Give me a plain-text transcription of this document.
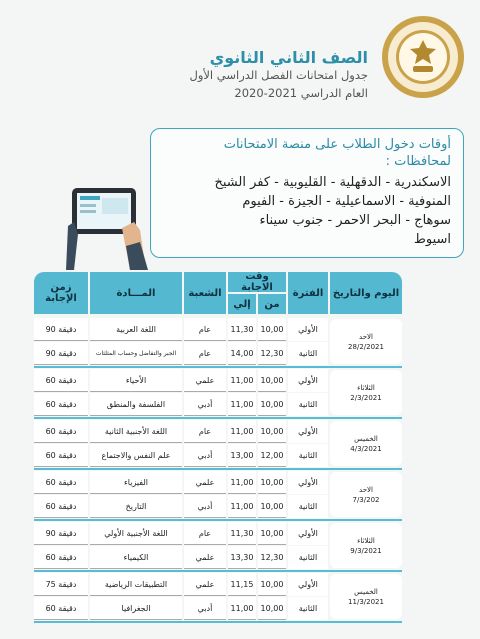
الصف الثاني الثانوي
جدول امتحانات الفصل الدراسي الأول
العام الدراسي 2021-2020
أوقات دخول الطلاب على منصة الامتحانات
لمحافظات :
الاسكندرية - الدقهلية - القليوبية - كفر الشيخ
المنوفية - الاسماعيلية - الجيزة - الفيوم
سوهاج - البحر الاحمر - جنوب سيناء
اسيوط
زمن الإجابة	المـــادة	الشعبة
وقت الاجابة
إلي	من
الفترة اليوم والتاريخ
90 دقيقة	اللغة العربية	عام	11,30 10,00	الأولي
90 دقيقة	الجبر والتفاضل وحساب المثلثات	عام	14,00 12,30	الثانية
الاحد
28/2/2021
60 دقيقة	الأحياء	علمي	11,00 10,00	الأولي
60 دقيقة	الفلسفة والمنطق	أدبي	11,00 10,00	الثانية
الثلاثاء
2/3/2021
60 دقيقة	اللغة الأجنبية الثانية	عام	11,00 10,00	الأولي
60 دقيقة	علم النفس والاجتماع	أدبي	13,00 12,00	الثانية
الخميس
4/3/2021
60 دقيقة	الفيزياء	علمي	11,00 10,00	الأولي
60 دقيقة	التاريخ	أدبي	11,00 10,00	الثانية
الاحد
7/3/202
90 دقيقة	اللغة الأجنبية الأولي	عام	11,30 10,00	الأولي
60 دقيقة	الكيمياء	علمي	13,30 12,30	الثانية
الثلاثاء
9/3/2021
75 دقيقة	التطبيقات الرياضية	علمي	11,15 10,00	الأولي
60 دقيقة	الجغرافيا	أدبي	11,00 10,00	الثانية
الخميس
11/3/2021
